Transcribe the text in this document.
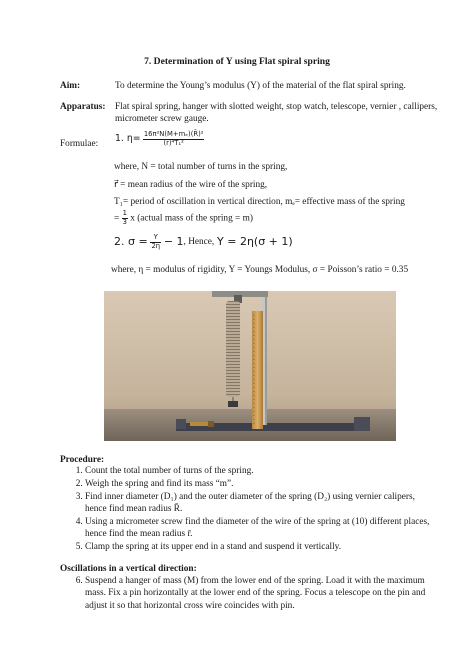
7. Determination of Y using Flat spiral spring
Aim:	To determine the Young’s modulus (Y) of the material of the flat spiral spring.
Apparatus: Flat spiral spring, hanger with slotted weight, stop watch, telescope, vernier , callipers, micrometer screw gauge.
Formulae: 1. $\eta= \frac{\text{16π²N(M+mₑ)(R̄)²}}{\text{(r̄)⁴T₁²}}$
where, N = total number of turns in the spring,
r⃗ = mean radius of the wire of the spring,
T₁= period of oscillation in vertical direction, mₑ= effective mass of the spring
= $\frac{1}{3}$ x (actual mass of the spring = m)
2. $\sigma = \frac{Y}{2\eta} - 1$, Hence, Y = 2η(σ + 1)
where, η = modulus of rigidity, Y = Youngs Modulus, σ = Poisson’s ratio = 0.35
Procedure:
1. Count the total number of turns of the spring.
2. Weigh the spring and find its mass “m”.
3. Find inner diameter (D₁) and the outer diameter of the spring (D₂) using vernier calipers, hence find mean radius R̄.
4. Using a micrometer screw find the diameter of the wire of the spring at (10) different places, hence find the mean radius r̄.
5. Clamp the spring at its upper end in a stand and suspend it vertically.
Oscillations in a vertical direction:
6. Suspend a hanger of mass (M) from the lower end of the spring. Load it with the maximum mass. Fix a pin horizontally at the lower end of the spring. Focus a telescope on the pin and adjust it so that horizontal cross wire coincides with pin.
